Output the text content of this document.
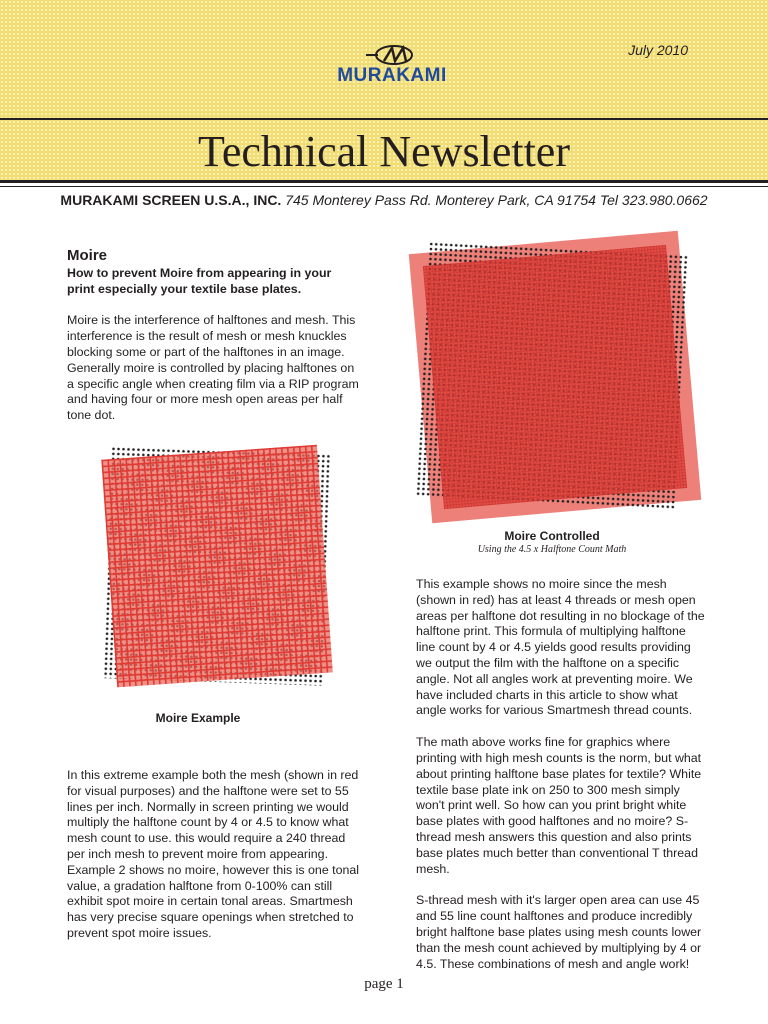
July 2010
MURAKAMI
Technical Newsletter
MURAKAMI SCREEN U.S.A., INC. 745 Monterey Pass Rd. Monterey Park, CA 91754 Tel 323.980.0662
Moire

How to prevent Moire from appearing in your print especially your textile base plates.

Moire is the interference of halftones and mesh. This interference is the result of mesh or mesh knuckles blocking some or part of the halftones in an image. Generally moire is controlled by placing halftones on a specific angle when creating film via a RIP program and having four or more mesh open areas per half tone dot.

Moire Example

In this extreme example both the mesh (shown in red for visual purposes) and the halftone were set to 55 lines per inch. Normally in screen printing we would multiply the halftone count by 4 or 4.5 to know what mesh count to use. this would require a 240 thread per inch mesh to prevent moire from appearing. Example 2 shows no moire, however this is one tonal value, a gradation halftone from 0-100% can still exhibit spot moire in certain tonal areas. Smartmesh has very precise square openings when stretched to prevent spot moire issues.

Moire Controlled
Using the 4.5 x Halftone Count Math

This example shows no moire since the mesh (shown in red) has at least 4 threads or mesh open areas per halftone dot resulting in no blockage of the halftone print. This formula of multiplying halftone line count by 4 or 4.5 yields good results providing we output the film with the halftone on a specific angle. Not all angles work at preventing moire. We have included charts in this article to show what angle works for various Smartmesh thread counts.

The math above works fine for graphics where printing with high mesh counts is the norm, but what about printing halftone base plates for textile? White textile base plate ink on 250 to 300 mesh simply won't print well. So how can you print bright white base plates with good halftones and no moire? S-thread mesh answers this question and also prints base plates much better than conventional T thread mesh.

S-thread mesh with it's larger open area can use 45 and 55 line count halftones and produce incredibly bright halftone base plates using mesh counts lower than the mesh count achieved by multiplying by 4 or 4.5. These combinations of mesh and angle work!

page 1
